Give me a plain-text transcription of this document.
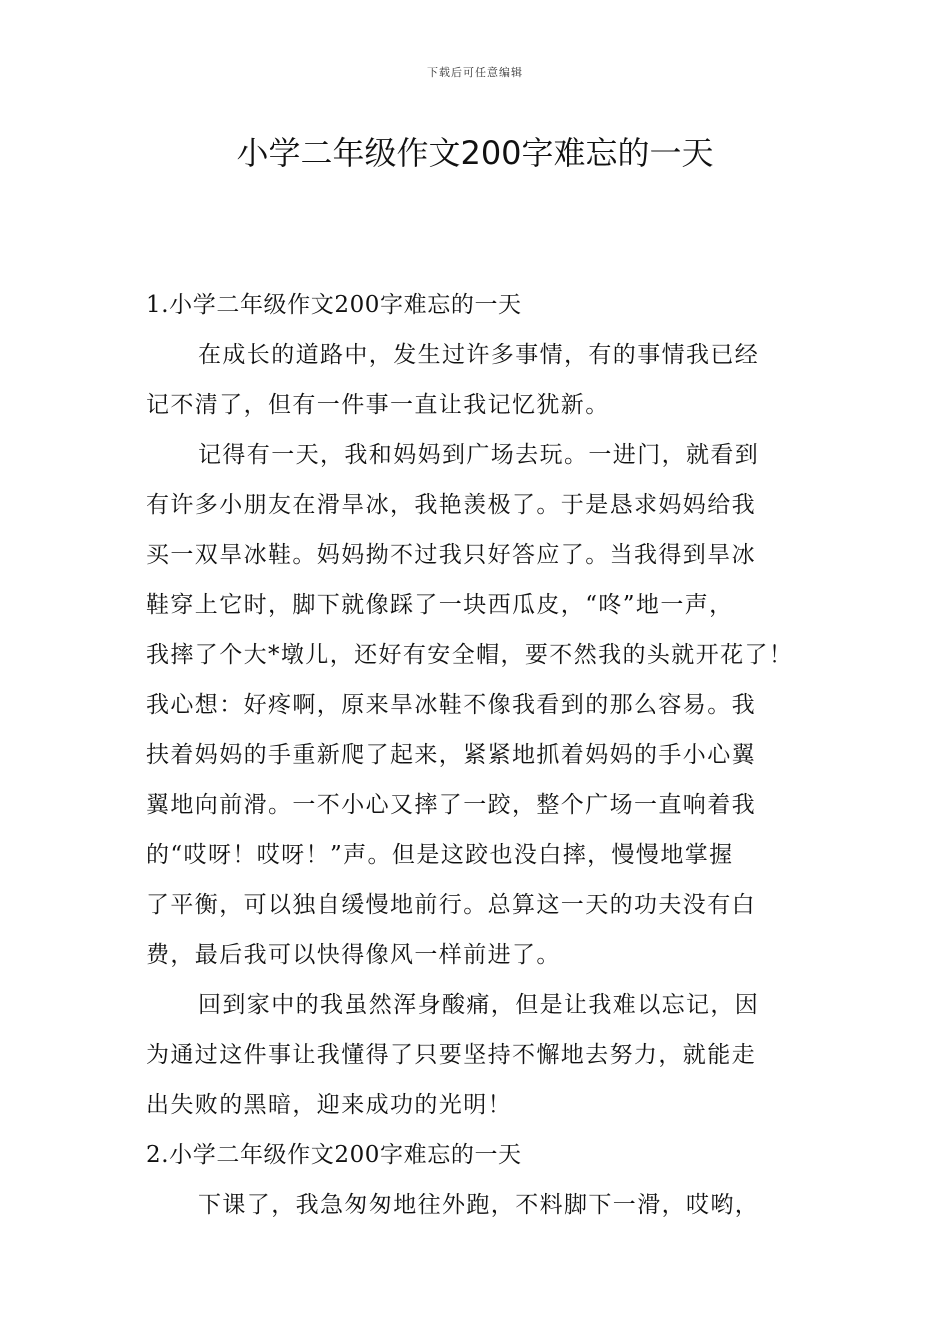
下载后可任意编辑
小学二年级作文200字难忘的一天
1.小学二年级作文200字难忘的一天
在成长的道路中，发生过许多事情，有的事情我已经
记不清了，但有一件事一直让我记忆犹新。
记得有一天，我和妈妈到广场去玩。一进门，就看到
有许多小朋友在滑旱冰，我艳羡极了。于是恳求妈妈给我
买一双旱冰鞋。妈妈拗不过我只好答应了。当我得到旱冰
鞋穿上它时，脚下就像踩了一块西瓜皮，“咚”地一声，
我摔了个大*墩儿，还好有安全帽，要不然我的头就开花了！
我心想：好疼啊，原来旱冰鞋不像我看到的那么容易。我
扶着妈妈的手重新爬了起来，紧紧地抓着妈妈的手小心翼
翼地向前滑。一不小心又摔了一跤，整个广场一直响着我
的“哎呀！哎呀！”声。但是这跤也没白摔，慢慢地掌握
了平衡，可以独自缓慢地前行。总算这一天的功夫没有白
费，最后我可以快得像风一样前进了。
回到家中的我虽然浑身酸痛，但是让我难以忘记，因
为通过这件事让我懂得了只要坚持不懈地去努力，就能走
出失败的黑暗，迎来成功的光明！
2.小学二年级作文200字难忘的一天
下课了，我急匆匆地往外跑，不料脚下一滑，哎哟，
